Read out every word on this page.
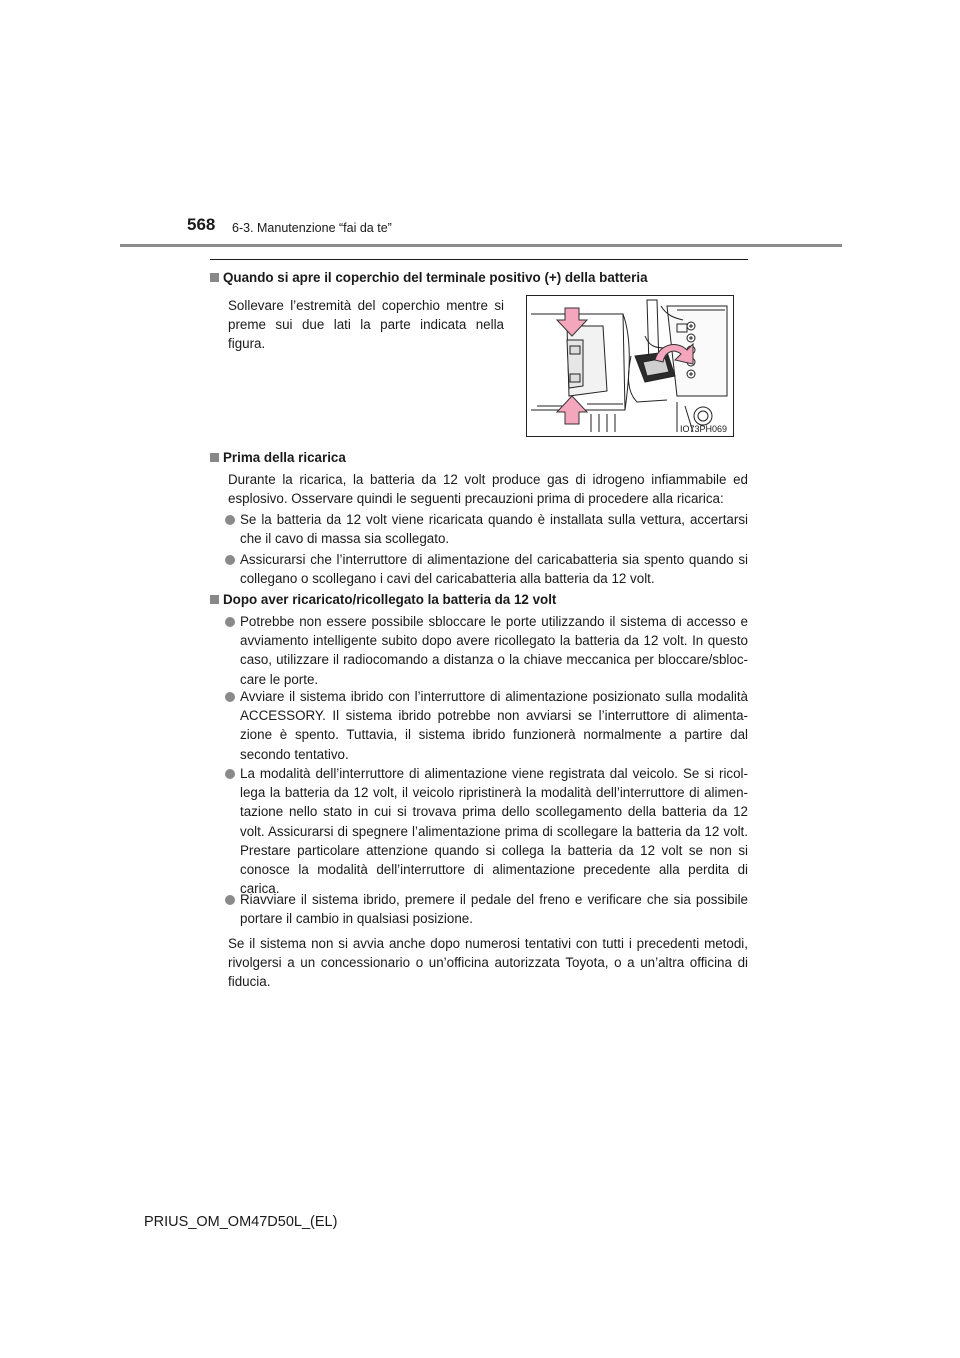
568 6-3. Manutenzione “fai da te”
Quando si apre il coperchio del terminale positivo (+) della batteria
Sollevare l’estremità del coperchio mentre si preme sui due lati la parte indicata nella figura.
IO73PH069
Prima della ricarica
Durante la ricarica, la batteria da 12 volt produce gas di idrogeno infiammabile ed esplosivo. Osservare quindi le seguenti precauzioni prima di procedere alla ricarica:
Se la batteria da 12 volt viene ricaricata quando è installata sulla vettura, accertarsi che il cavo di massa sia scollegato.
Assicurarsi che l’interruttore di alimentazione del caricabatteria sia spento quando si collegano o scollegano i cavi del caricabatteria alla batteria da 12 volt.
Dopo aver ricaricato/ricollegato la batteria da 12 volt
Potrebbe non essere possibile sbloccare le porte utilizzando il sistema di accesso e avviamento intelligente subito dopo avere ricollegato la batteria da 12 volt. In questo caso, utilizzare il radiocomando a distanza o la chiave meccanica per bloccare/sbloc-care le porte.
Avviare il sistema ibrido con l’interruttore di alimentazione posizionato sulla modalità ACCESSORY. Il sistema ibrido potrebbe non avviarsi se l’interruttore di alimenta-zione è spento. Tuttavia, il sistema ibrido funzionerà normalmente a partire dal secondo tentativo.
La modalità dell’interruttore di alimentazione viene registrata dal veicolo. Se si ricol-lega la batteria da 12 volt, il veicolo ripristinerà la modalità dell’interruttore di alimen-tazione nello stato in cui si trovava prima dello scollegamento della batteria da 12 volt. Assicurarsi di spegnere l’alimentazione prima di scollegare la batteria da 12 volt. Prestare particolare attenzione quando si collega la batteria da 12 volt se non si conosce la modalità dell’interruttore di alimentazione precedente alla perdita di carica.
Riavviare il sistema ibrido, premere il pedale del freno e verificare che sia possibile portare il cambio in qualsiasi posizione.
Se il sistema non si avvia anche dopo numerosi tentativi con tutti i precedenti metodi, rivolgersi a un concessionario o un’officina autorizzata Toyota, o a un’altra officina di fiducia.
PRIUS_OM_OM47D50L_(EL)
